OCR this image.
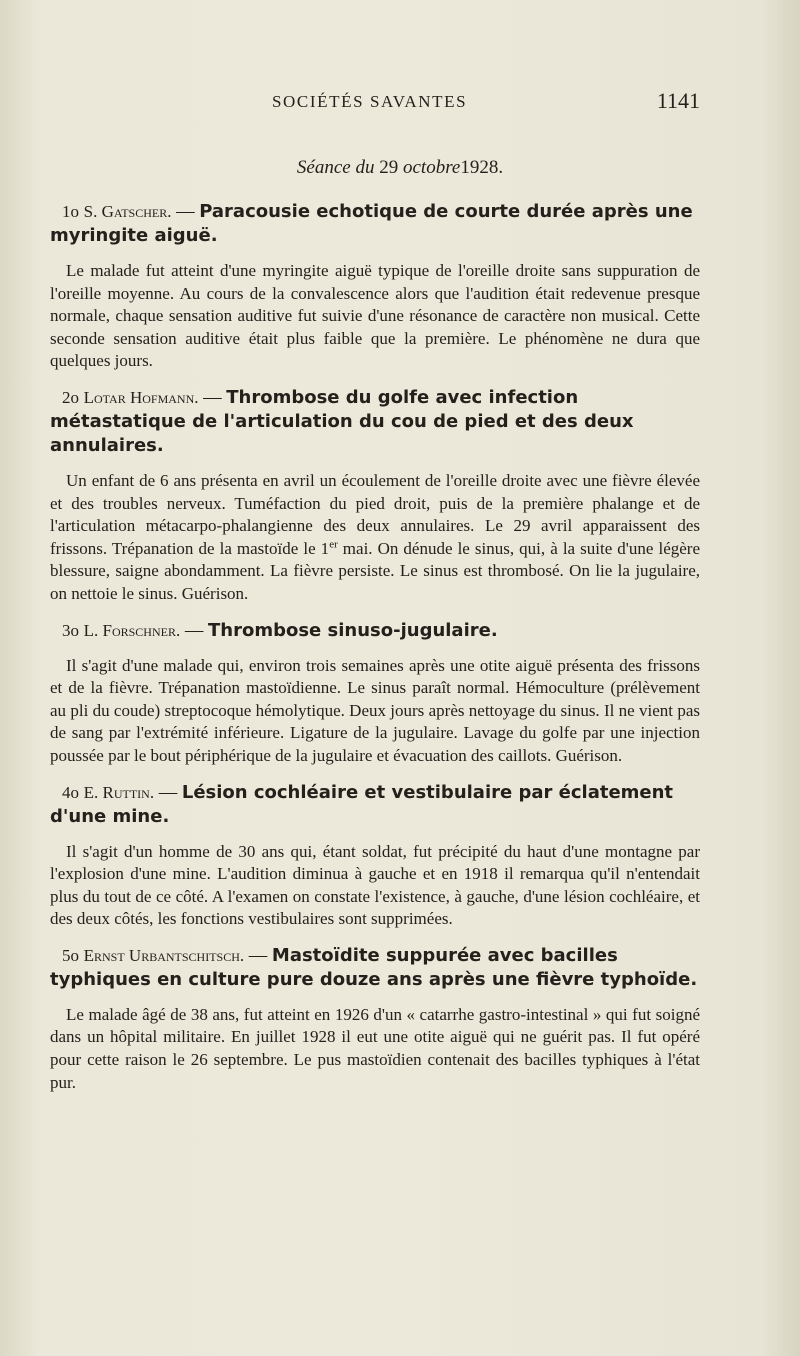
SOCIÉTÉS SAVANTES	1141
Séance du 29 octobre1928.
1o S. Gatscher. — Paracousie echotique de courte durée après une myringite aiguë.

Le malade fut atteint d'une myringite aiguë typique de l'oreille droite sans suppuration de l'oreille moyenne. Au cours de la convalescence alors que l'audition était redevenue presque normale, chaque sensation auditive fut suivie d'une résonance de caractère non musical. Cette seconde sensation auditive était plus faible que la première. Le phénomène ne dura que quelques jours.

2o Lotar Hofmann. — Thrombose du golfe avec infection métastatique de l'articulation du cou de pied et des deux annulaires.

Un enfant de 6 ans présenta en avril un écoulement de l'oreille droite avec une fièvre élevée et des troubles nerveux. Tuméfaction du pied droit, puis de la première phalange et de l'articulation métacarpo-phalangienne des deux annulaires. Le 29 avril apparaissent des frissons. Trépanation de la mastoïde le 1er mai. On dénude le sinus, qui, à la suite d'une légère blessure, saigne abondamment. La fièvre persiste. Le sinus est thrombosé. On lie la jugulaire, on nettoie le sinus. Guérison.

3o L. Forschner. — Thrombose sinuso-jugulaire.

Il s'agit d'une malade qui, environ trois semaines après une otite aiguë présenta des frissons et de la fièvre. Trépanation mastoïdienne. Le sinus paraît normal. Hémoculture (prélèvement au pli du coude) streptocoque hémolytique. Deux jours après nettoyage du sinus. Il ne vient pas de sang par l'extrémité inférieure. Ligature de la jugulaire. Lavage du golfe par une injection poussée par le bout périphérique de la jugulaire et évacuation des caillots. Guérison.

4o E. Ruttin. — Lésion cochléaire et vestibulaire par éclatement d'une mine.

Il s'agit d'un homme de 30 ans qui, étant soldat, fut précipité du haut d'une montagne par l'explosion d'une mine. L'audition diminua à gauche et en 1918 il remarqua qu'il n'entendait plus du tout de ce côté. A l'examen on constate l'existence, à gauche, d'une lésion cochléaire, et des deux côtés, les fonctions vestibulaires sont supprimées.

5o Ernst Urbantschitsch. — Mastoïdite suppurée avec bacilles typhiques en culture pure douze ans après une fièvre typhoïde.

Le malade âgé de 38 ans, fut atteint en 1926 d'un « catarrhe gastro-intestinal » qui fut soigné dans un hôpital militaire. En juillet 1928 il eut une otite aiguë qui ne guérit pas. Il fut opéré pour cette raison le 26 septembre. Le pus mastoïdien contenait des bacilles typhiques à l'état pur.
